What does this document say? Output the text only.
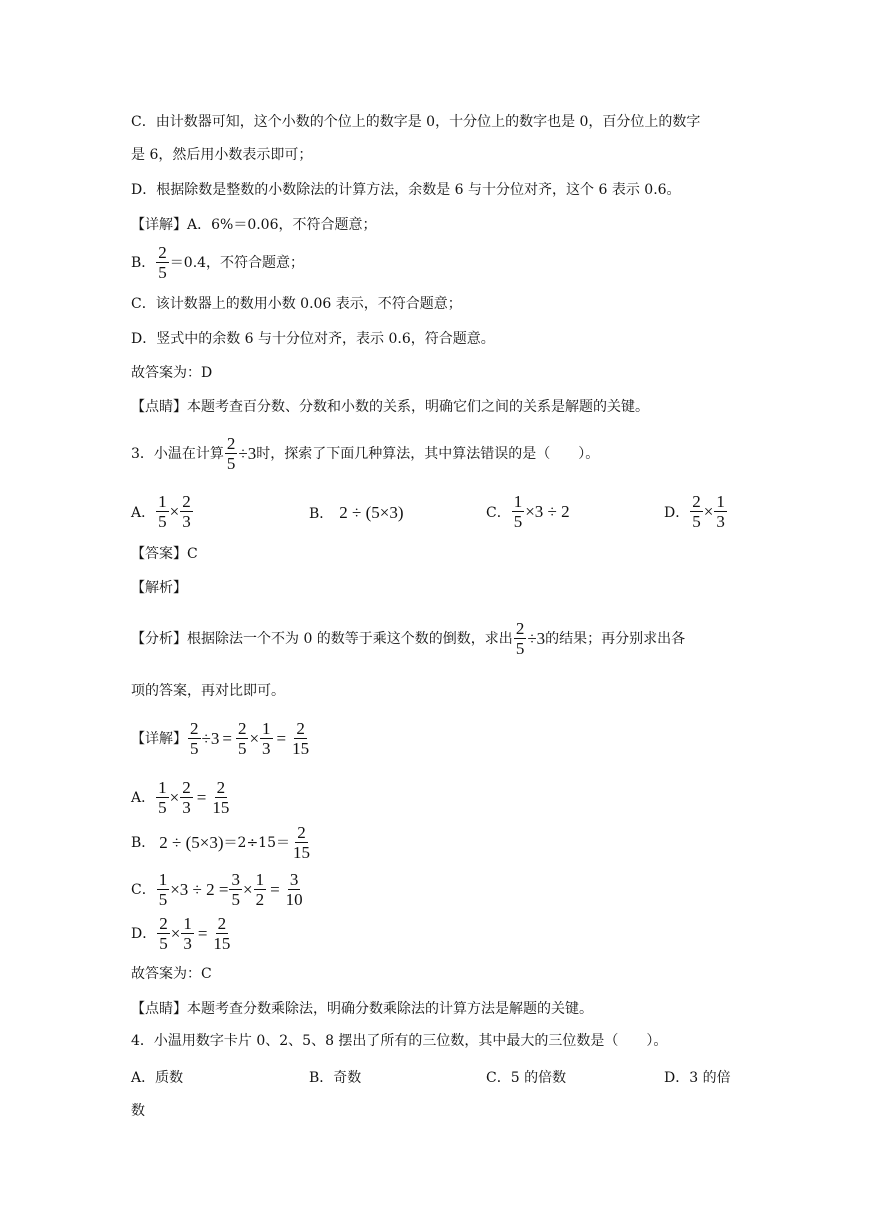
C．由计数器可知，这个小数的个位上的数字是 0，十分位上的数字也是 0，百分位上的数字
是 6，然后用小数表示即可；
D．根据除数是整数的小数除法的计算方法，余数是 6 与十分位对齐，这个 6 表示 0.6。
【详解】A．6%＝0.06，不符合题意；
B． $\frac{2}{5} =0.4$，不符合题意；
C．该计数器上的数用小数 0.06 表示，不符合题意；
D．竖式中的余数 6 与十分位对齐，表示 0.6，符合题意。
故答案为：D
【点睛】本题考查百分数、分数和小数的关系，明确它们之间的关系是解题的关键。
3．小温在计算 $\frac{2}{5} \div 3$ 时，探索了下面几种算法，其中算法错误的是（　　）。
A． $\frac{1}{5} \times \frac{2}{3}$	B． 2 ÷ (5×3)	C． $\frac{1}{5} \times 3 \div 2$	D． $\frac{2}{5} \times \frac{1}{3}$
【答案】C
【解析】
【分析】根据除法一个不为 0 的数等于乘这个数的倒数，求出 $\frac{2}{5} \div 3$ 的结果；再分别求出各
项的答案，再对比即可。
【详解】 $\frac{2}{5} \div 3 = \frac{2}{5} \times \frac{1}{3} = \frac{2}{15}$
A． $\frac{1}{5} \times \frac{2}{3} = \frac{2}{15}$
B． $2 \div (5\times 3) =2\div 15= \frac{2}{15}$
C． $\frac{1}{5} \times 3 \div 2 = \frac{3}{5} \times \frac{1}{2} = \frac{3}{10}$
D． $\frac{2}{5} \times \frac{1}{3} = \frac{2}{15}$
故答案为：C
【点睛】本题考查分数乘除法，明确分数乘除法的计算方法是解题的关键。
4．小温用数字卡片 0、2、5、8 摆出了所有的三位数，其中最大的三位数是（　　）。
A．质数	B．奇数	C．5 的倍数	D．3 的倍
数
